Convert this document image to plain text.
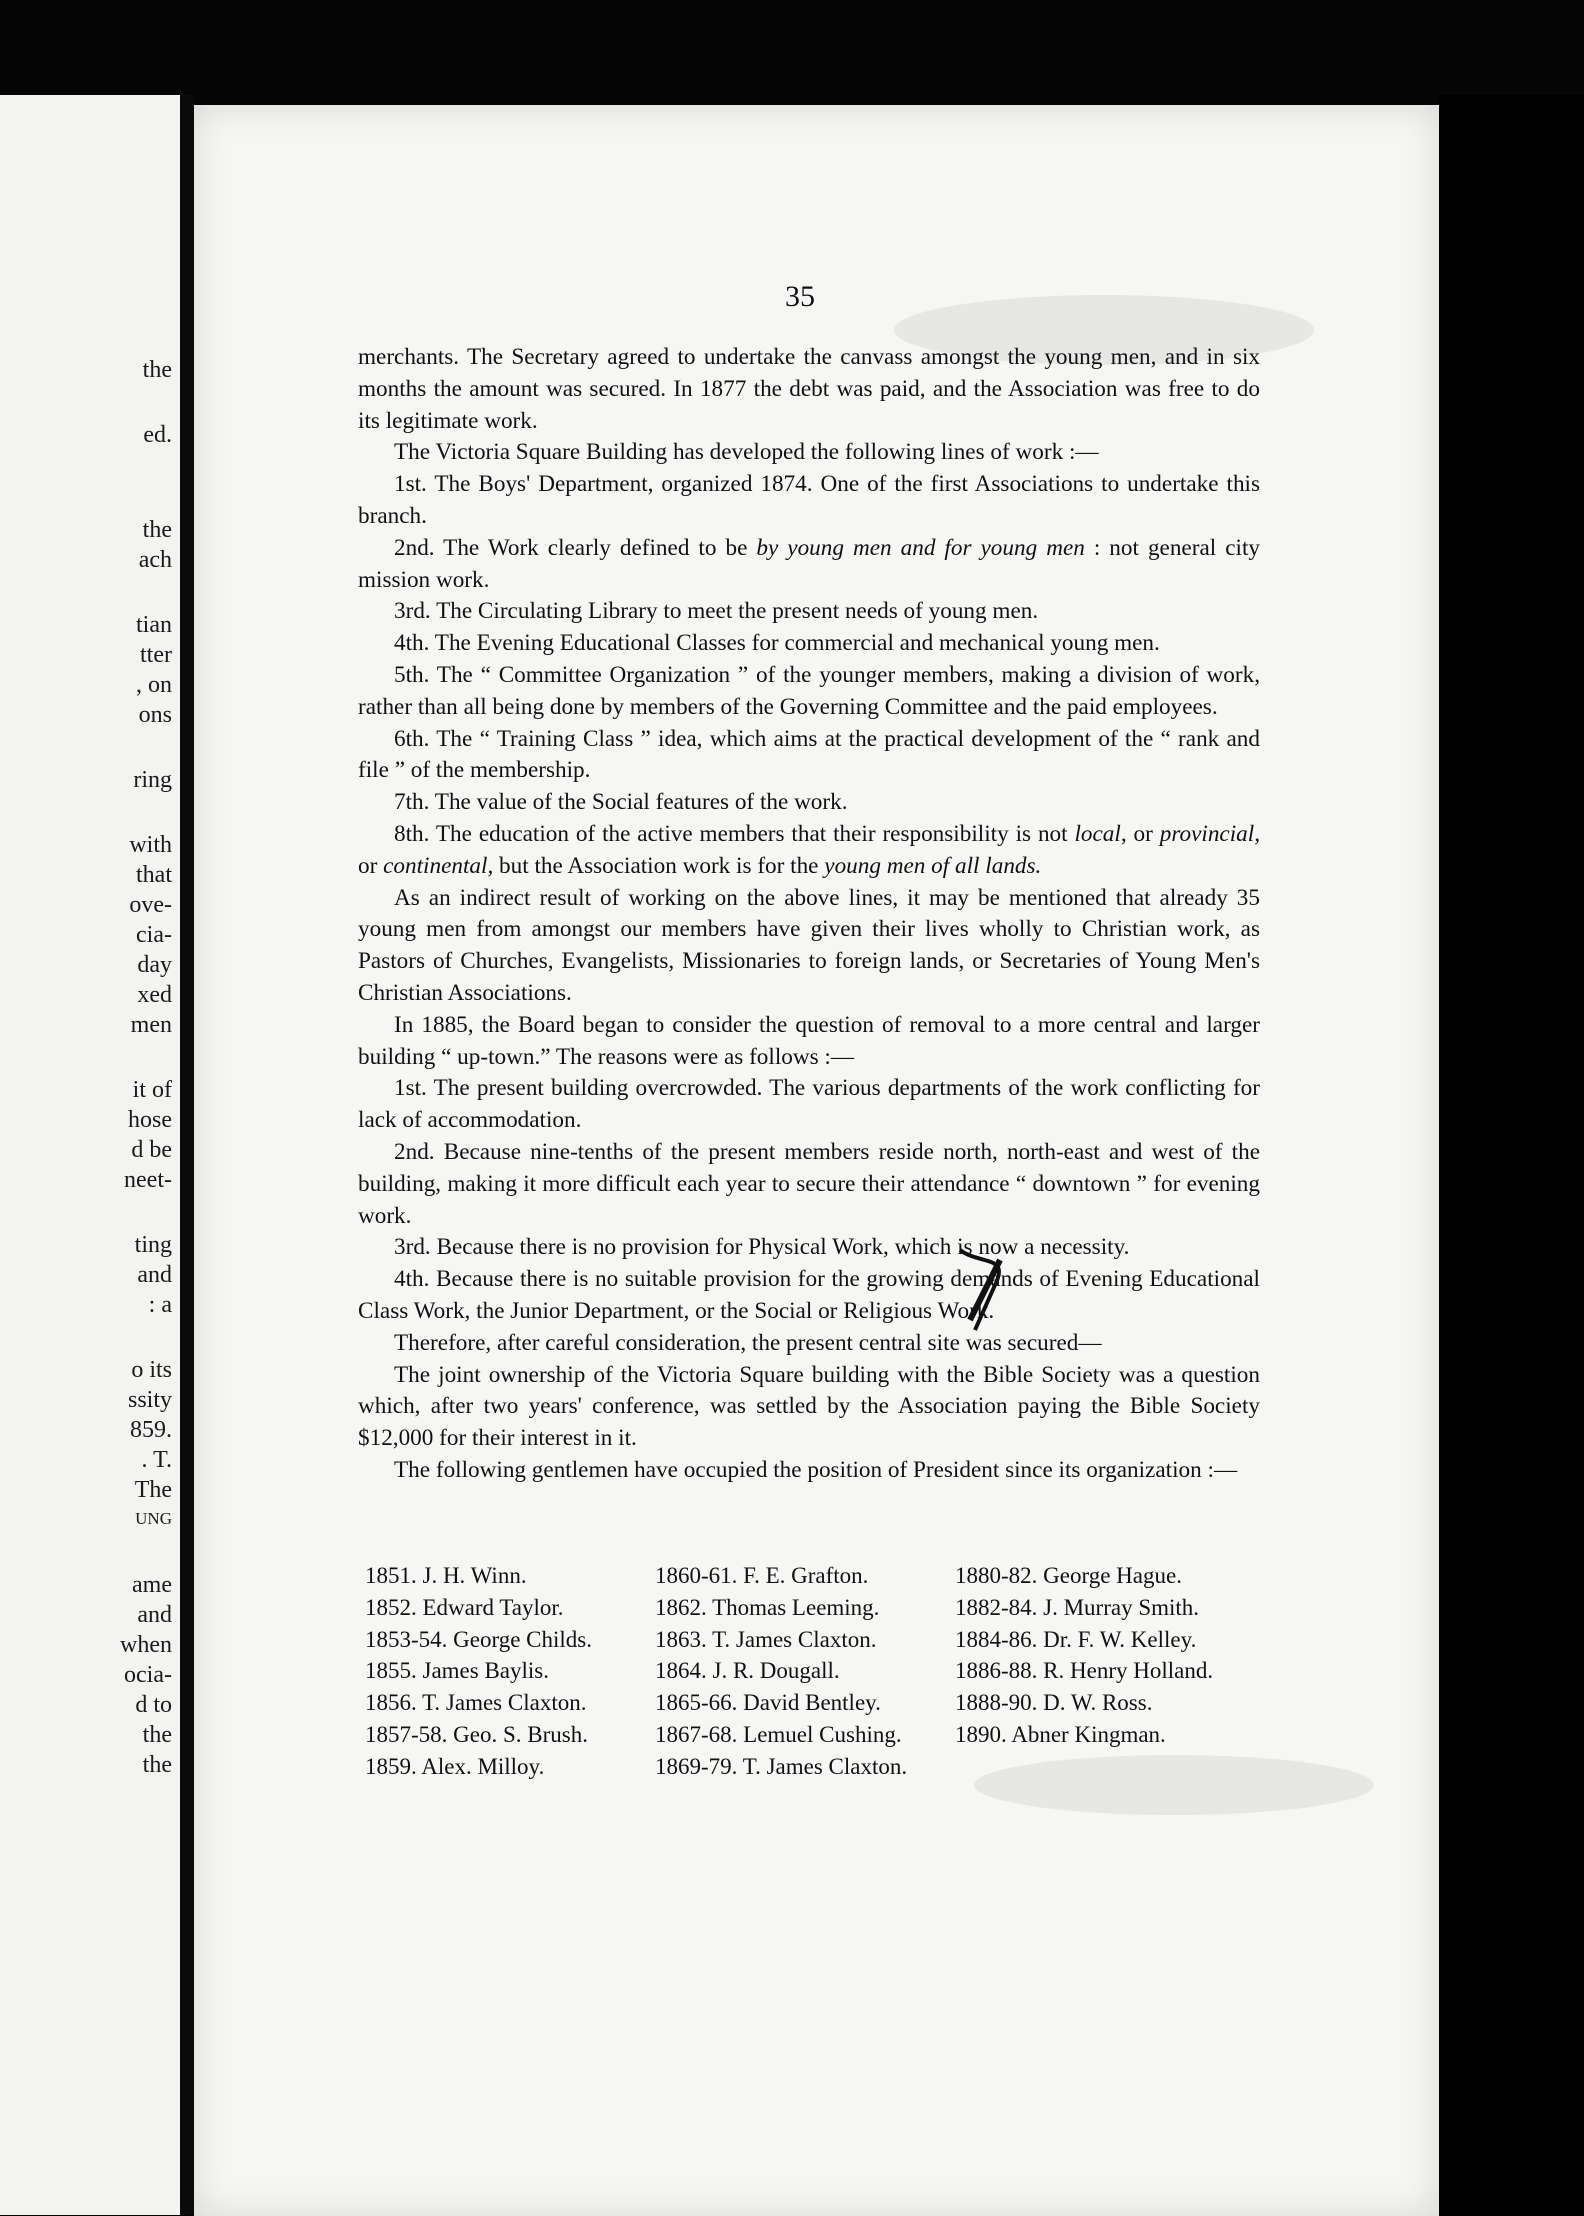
the
ed.
the
ach
tian
tter
, on
ons
ring
with
that
ove-
cia-
day
xed
men
it of
hose
d be
neet-
ting
and
: a
o its
ssity
859.
. T.
The
UNG
ame
and
when
ocia-
d to
the
the
35

merchants. The Secretary agreed to undertake the canvass amongst the young men, and in six months the amount was secured. In 1877 the debt was paid, and the Association was free to do its legitimate work.

The Victoria Square Building has developed the following lines of work :—

1st. The Boys' Department, organized 1874. One of the first Associations to undertake this branch.

2nd. The Work clearly defined to be by young men and for young men : not general city mission work.

3rd. The Circulating Library to meet the present needs of young men.

4th. The Evening Educational Classes for commercial and mechanical young men.

5th. The “ Committee Organization ” of the younger members, making a division of work, rather than all being done by members of the Governing Committee and the paid employees.

6th. The “ Training Class ” idea, which aims at the practical development of the “ rank and file ” of the membership.

7th. The value of the Social features of the work.

8th. The education of the active members that their responsibility is not local, or provincial, or continental, but the Association work is for the young men of all lands.

As an indirect result of working on the above lines, it may be mentioned that already 35 young men from amongst our members have given their lives wholly to Christian work, as Pastors of Churches, Evangelists, Missionaries to foreign lands, or Secretaries of Young Men's Christian Associations.

In 1885, the Board began to consider the question of removal to a more central and larger building “ up-town.” The reasons were as follows :—

1st. The present building overcrowded. The various departments of the work conflicting for lack of accommodation.

2nd. Because nine-tenths of the present members reside north, north-east and west of the building, making it more difficult each year to secure their attendance “ downtown ” for evening work.

3rd. Because there is no provision for Physical Work, which is now a necessity.

4th. Because there is no suitable provision for the growing demands of Evening Educational Class Work, the Junior Department, or the Social or Religious Work.

Therefore, after careful consideration, the present central site was secured—

The joint ownership of the Victoria Square building with the Bible Society was a question which, after two years' conference, was settled by the Association paying the Bible Society $12,000 for their interest in it.

The following gentlemen have occupied the position of President since its organization :—

1851. J. H. Winn.
1852. Edward Taylor.
1853-54. George Childs.
1855. James Baylis.
1856. T. James Claxton.
1857-58. Geo. S. Brush.
1859. Alex. Milloy.
1860-61. F. E. Grafton.
1862. Thomas Leeming.
1863. T. James Claxton.
1864. J. R. Dougall.
1865-66. David Bentley.
1867-68. Lemuel Cushing.
1869-79. T. James Claxton.
1880-82. George Hague.
1882-84. J. Murray Smith.
1884-86. Dr. F. W. Kelley.
1886-88. R. Henry Holland.
1888-90. D. W. Ross.
1890. Abner Kingman.
